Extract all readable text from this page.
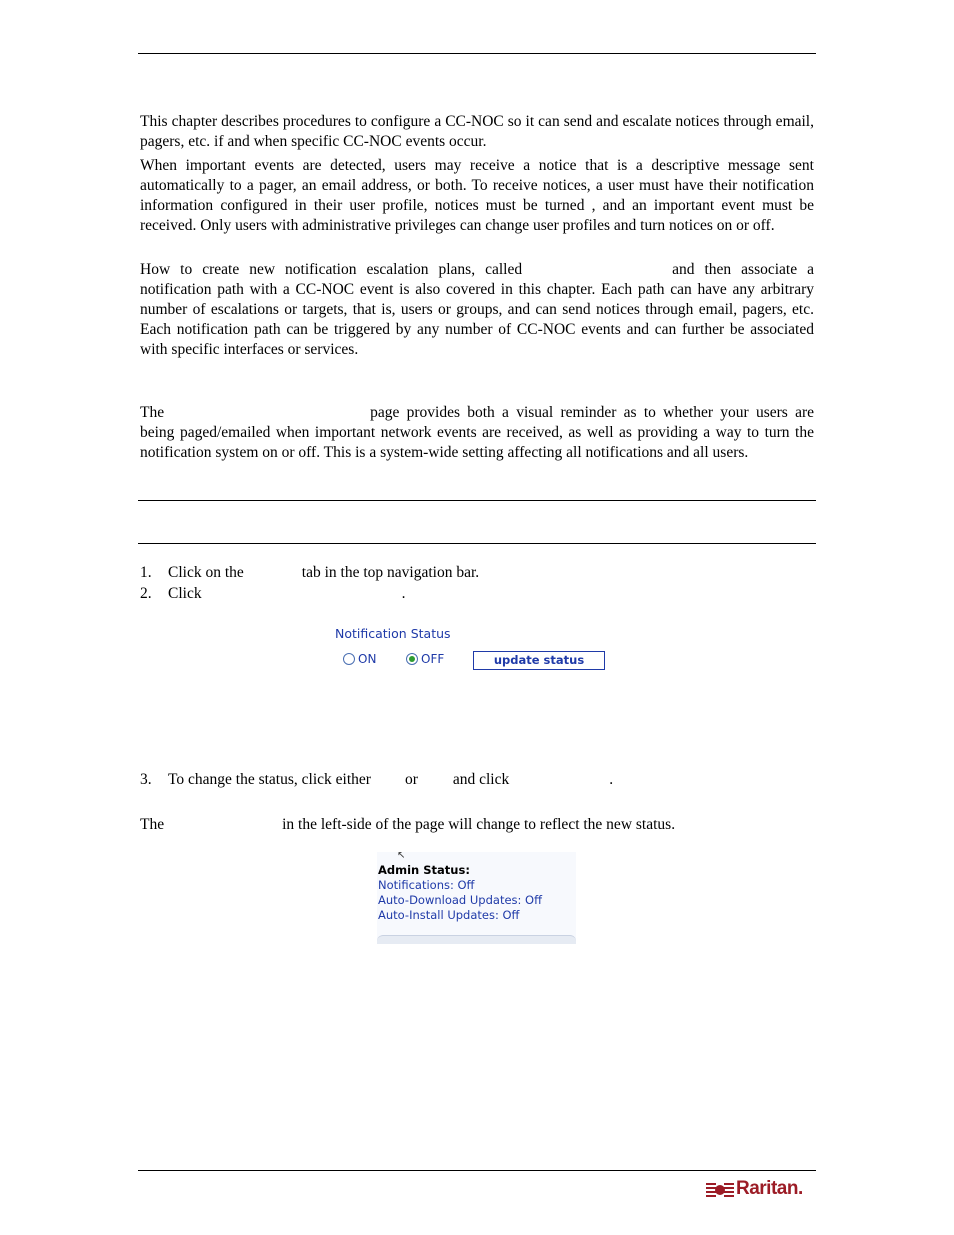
This chapter describes procedures to configure a CC-NOC so it can send and escalate notices through email, pagers, etc. if and when specific CC-NOC events occur.

When important events are detected, users may receive a notice that is a descriptive message sent automatically to a pager, an email address, or both. To receive notices, a user must have their notification information configured in their user profile, notices must be turned , and an important event must be received. Only users with administrative privileges can change user profiles and turn notices on or off.

How to create new notification escalation plans, called	and then associate a notification path with a CC-NOC event is also covered in this chapter. Each path can have any arbitrary number of escalations or targets, that is, users or groups, and can send notices through email, pagers, etc. Each notification path can be triggered by any number of CC-NOC events and can further be associated with specific interfaces or services.

The	page provides both a visual reminder as to whether your users are being paged/emailed when important network events are received, as well as providing a way to turn the notification system on or off. This is a system-wide setting affecting all notifications and all users.

1. Click on the	tab in the top navigation bar.
2. Click	.
Notification Status
ON	OFF	update status
3. To change the status, click either or and click	.
The	in the left-side of the page will change to reflect the new status.
↖
Admin Status:
Notifications: Off
Auto-Download Updates: Off
Auto-Install Updates: Off
Raritan.
